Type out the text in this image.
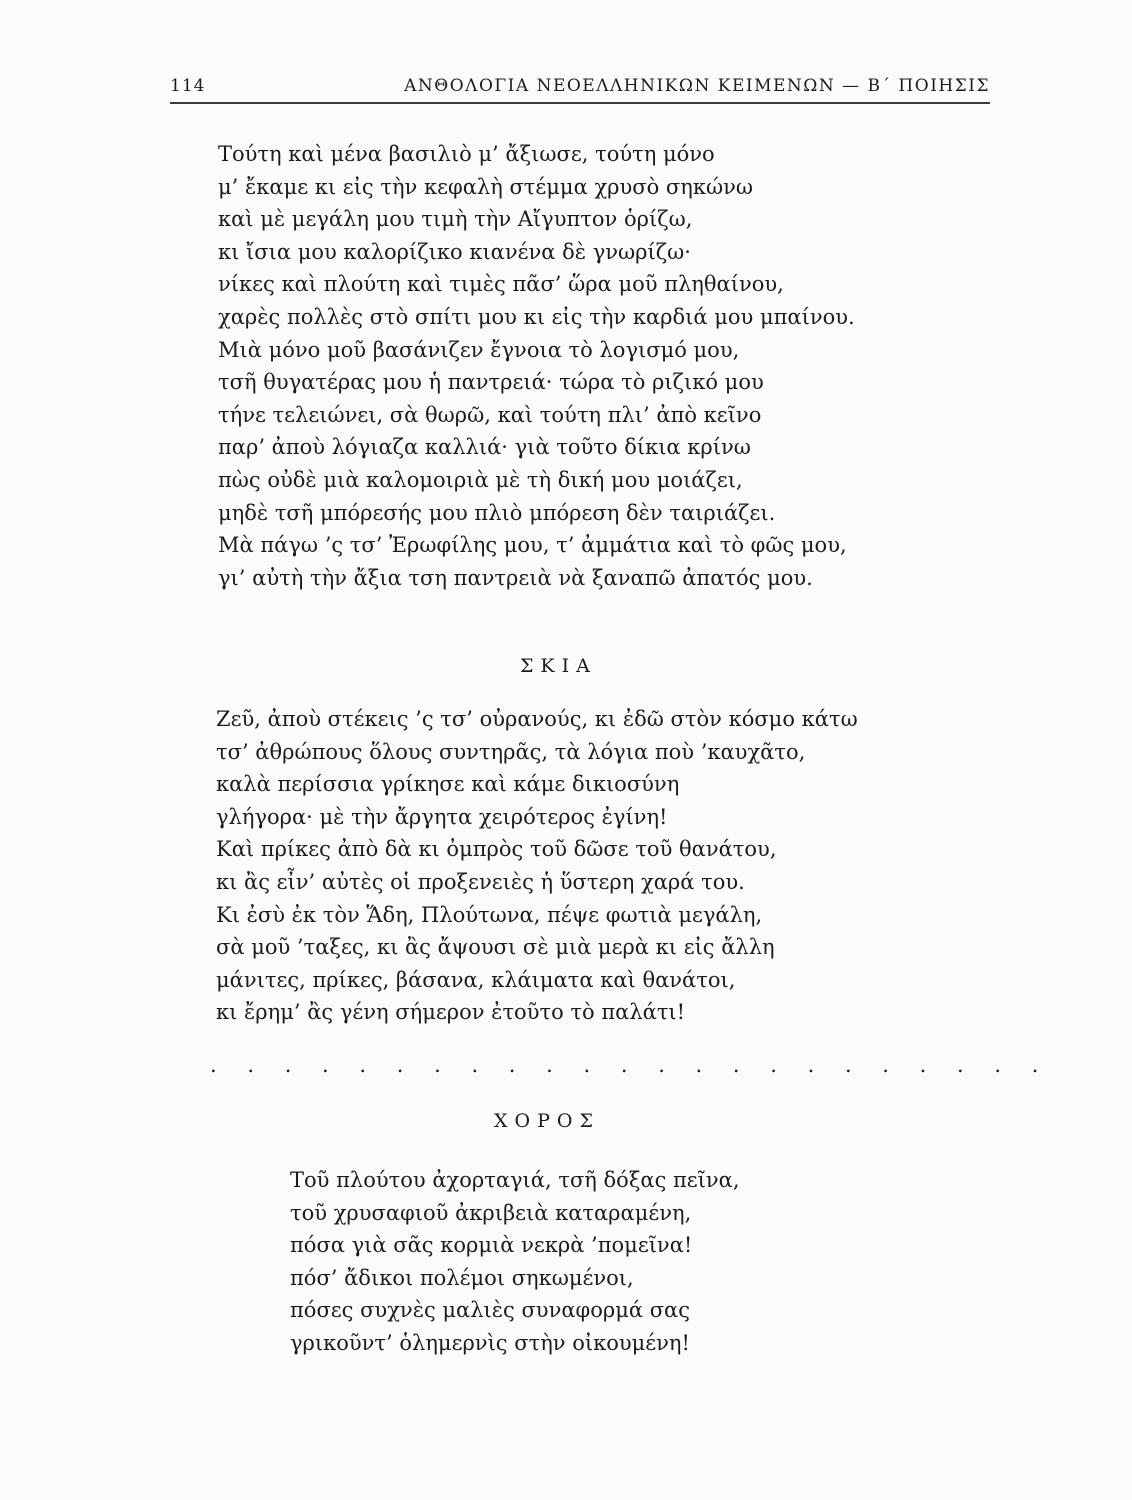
114	ΑΝΘΟΛΟΓΙΑ ΝΕΟΕΛΛΗΝΙΚΩΝ ΚΕΙΜΕΝΩΝ — Β΄ ΠΟΙΗΣΙΣ
Τούτη καὶ μένα βασιλιὸ μ’ ἄξιωσε, τούτη μόνο
μ’ ἔκαμε κι εἰς τὴν κεφαλὴ στέμμα χρυσὸ σηκώνω
καὶ μὲ μεγάλη μου τιμὴ τὴν Αἴγυπτον ὁρίζω,
κι ἴσια μου καλορίζικο κιανένα δὲ γνωρίζω·
νίκες καὶ πλούτη καὶ τιμὲς πᾶσ’ ὥρα μοῦ πληθαίνου,
χαρὲς πολλὲς στὸ σπίτι μου κι εἰς τὴν καρδιά μου μπαίνου.
Μιὰ μόνο μοῦ βασάνιζεν ἔγνοια τὸ λογισμό μου,
τσῆ θυγατέρας μου ἡ παντρειά· τώρα τὸ ριζικό μου
τήνε τελειώνει, σὰ θωρῶ, καὶ τούτη πλι’ ἀπὸ κεῖνο
παρ’ ἀποὺ λόγιαζα καλλιά· γιὰ τοῦτο δίκια κρίνω
πὼς οὐδὲ μιὰ καλομοιριὰ μὲ τὴ δική μου μοιάζει,
μηδὲ τσῆ μπόρεσής μου πλιὸ μπόρεση δὲν ταιριάζει.
Μὰ πάγω ’ς τσ’ Ἐρωφίλης μου, τ’ ἀμμάτια καὶ τὸ φῶς μου,
γι’ αὐτὴ τὴν ἄξια τση παντρειὰ νὰ ξαναπῶ ἀπατός μου.
ΣΚΙΑ
Ζεῦ, ἀποὺ στέκεις ’ς τσ’ οὐρανούς, κι ἐδῶ στὸν κόσμο κάτω
τσ’ ἀθρώπους ὅλους συντηρᾶς, τὰ λόγια ποὺ ’καυχᾶτο,
καλὰ περίσσια γρίκησε καὶ κάμε δικιοσύνη
γλήγορα· μὲ τὴν ἄργητα χειρότερος ἐγίνη!
Καὶ πρίκες ἀπὸ δὰ κι ὀμπρὸς τοῦ δῶσε τοῦ θανάτου,
κι ἂς εἶν’ αὐτὲς οἱ προξενειὲς ἡ ὕστερη χαρά του.
Κι ἐσὺ ἐκ τὸν Ἅδη, Πλούτωνα, πέψε φωτιὰ μεγάλη,
σὰ μοῦ ’ταξες, κι ἂς ἄψουσι σὲ μιὰ μερὰ κι εἰς ἄλλη
μάνιτες, πρίκες, βάσανα, κλάιματα καὶ θανάτοι,
κι ἔρημ’ ἂς γένη σήμερον ἐτοῦτο τὸ παλάτι!
. . . . . . . . . . . . . . . . . . . . . . .
ΧΟΡΟΣ
Τοῦ πλούτου ἀχορταγιά, τσῆ δόξας πεῖνα,
τοῦ χρυσαφιοῦ ἀκριβειὰ καταραμένη,
πόσα γιὰ σᾶς κορμιὰ νεκρὰ ’πομεῖνα!
πόσ’ ἄδικοι πολέμοι σηκωμένοι,
πόσες συχνὲς μαλιὲς συναφορμά σας
γρικοῦντ’ ὁλημερνὶς στὴν οἰκουμένη!
